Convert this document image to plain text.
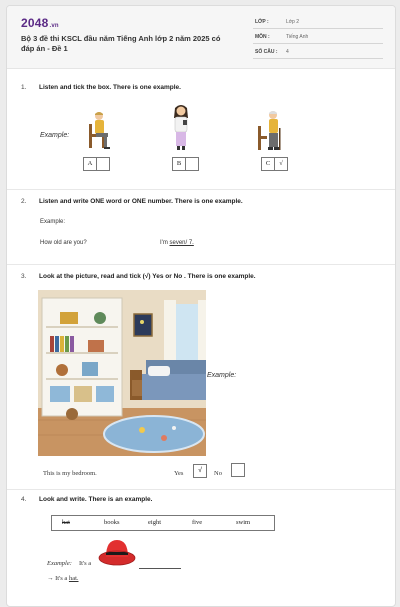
2048.vn
Bộ 3 đề thi KSCL đầu năm Tiếng Anh lớp 2 năm 2025 có đáp án - Đề 1
LỚP :	Lớp 2
MÔN :	Tiếng Anh
SỐ CÂU : 4
1. Listen and tick the box. There is one example.
Example:
A	B	C	√
2. Listen and write ONE word or ONE number. There is one example.
Example:
How old are you?	I'm seven/ 7.
3. Look at the picture, read and tick (√) Yes or No . There is one example.
Example:
This is my bedroom.	Yes	√	No
4. Look and write. There is an example.
hat	books	eight	five	swim
Example: It's a
→ It's a hat.
